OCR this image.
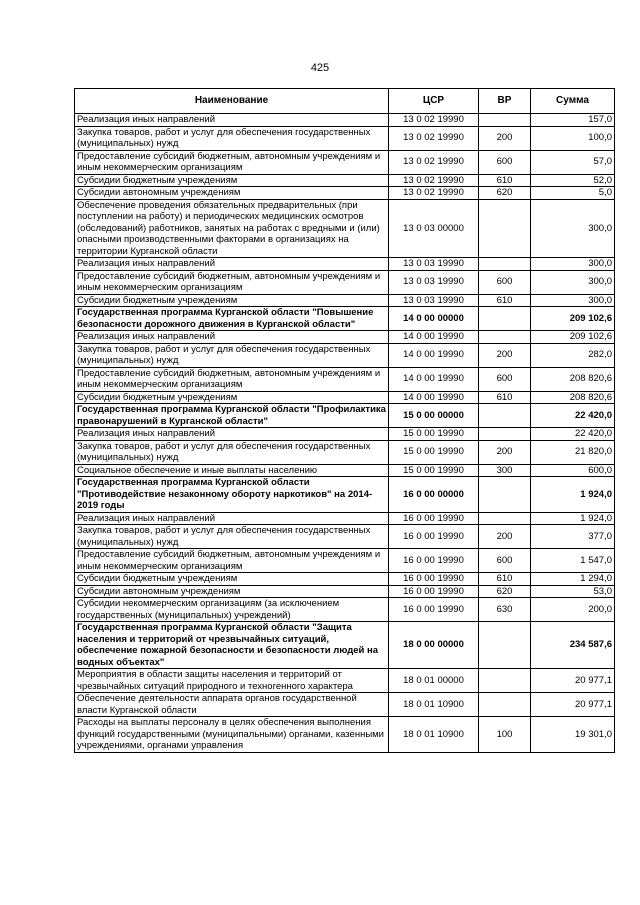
425
Наименование	ЦСР	ВР	Сумма
Реализация иных направлений	13 0 02 19990		157,0
Закупка товаров, работ и услуг для обеспечения государственных (муниципальных) нужд	13 0 02 19990	200	100,0
Предоставление субсидий бюджетным, автономным учреждениям и иным некоммерческим организациям	13 0 02 19990	600	57,0
Субсидии бюджетным учреждениям	13 0 02 19990	610	52,0
Субсидии автономным учреждениям	13 0 02 19990	620	5,0
Обеспечение проведения обязательных предварительных (при поступлении на работу) и периодических медицинских осмотров (обследований) работников, занятых на работах с вредными и (или) опасными производственными факторами в организациях на территории Курганской области	13 0 03 00000		300,0
Реализация иных направлений	13 0 03 19990		300,0
Предоставление субсидий бюджетным, автономным учреждениям и иным некоммерческим организациям	13 0 03 19990	600	300,0
Субсидии бюджетным учреждениям	13 0 03 19990	610	300,0
Государственная программа Курганской области "Повышение безопасности дорожного движения в Курганской области"	14 0 00 00000		209 102,6
Реализация иных направлений	14 0 00 19990		209 102,6
Закупка товаров, работ и услуг для обеспечения государственных (муниципальных) нужд	14 0 00 19990	200	282,0
Предоставление субсидий бюджетным, автономным учреждениям и иным некоммерческим организациям	14 0 00 19990	600	208 820,6
Субсидии бюджетным учреждениям	14 0 00 19990	610	208 820,6
Государственная программа Курганской области "Профилактика правонарушений в Курганской области"	15 0 00 00000		22 420,0
Реализация иных направлений	15 0 00 19990		22 420,0
Закупка товаров, работ и услуг для обеспечения государственных (муниципальных) нужд	15 0 00 19990	200	21 820,0
Социальное обеспечение и иные выплаты населению	15 0 00 19990	300	600,0
Государственная программа Курганской области "Противодействие незаконному обороту наркотиков" на 2014-2019 годы	16 0 00 00000		1 924,0
Реализация иных направлений	16 0 00 19990		1 924,0
Закупка товаров, работ и услуг для обеспечения государственных (муниципальных) нужд	16 0 00 19990	200	377,0
Предоставление субсидий бюджетным, автономным учреждениям и иным некоммерческим организациям	16 0 00 19990	600	1 547,0
Субсидии бюджетным учреждениям	16 0 00 19990	610	1 294,0
Субсидии автономным учреждениям	16 0 00 19990	620	53,0
Субсидии некоммерческим организациям (за исключением государственных (муниципальных) учреждений)	16 0 00 19990	630	200,0
Государственная программа Курганской области "Защита населения и территорий от чрезвычайных ситуаций, обеспечение пожарной безопасности и безопасности людей на водных объектах"	18 0 00 00000		234 587,6
Мероприятия в области защиты населения и территорий от чрезвычайных ситуаций природного и техногенного характера	18 0 01 00000		20 977,1
Обеспечение деятельности аппарата органов государственной власти Курганской области	18 0 01 10900		20 977,1
Расходы на выплаты персоналу в целях обеспечения выполнения функций государственными (муниципальными) органами, казенными учреждениями, органами управления	18 0 01 10900	100	19 301,0
